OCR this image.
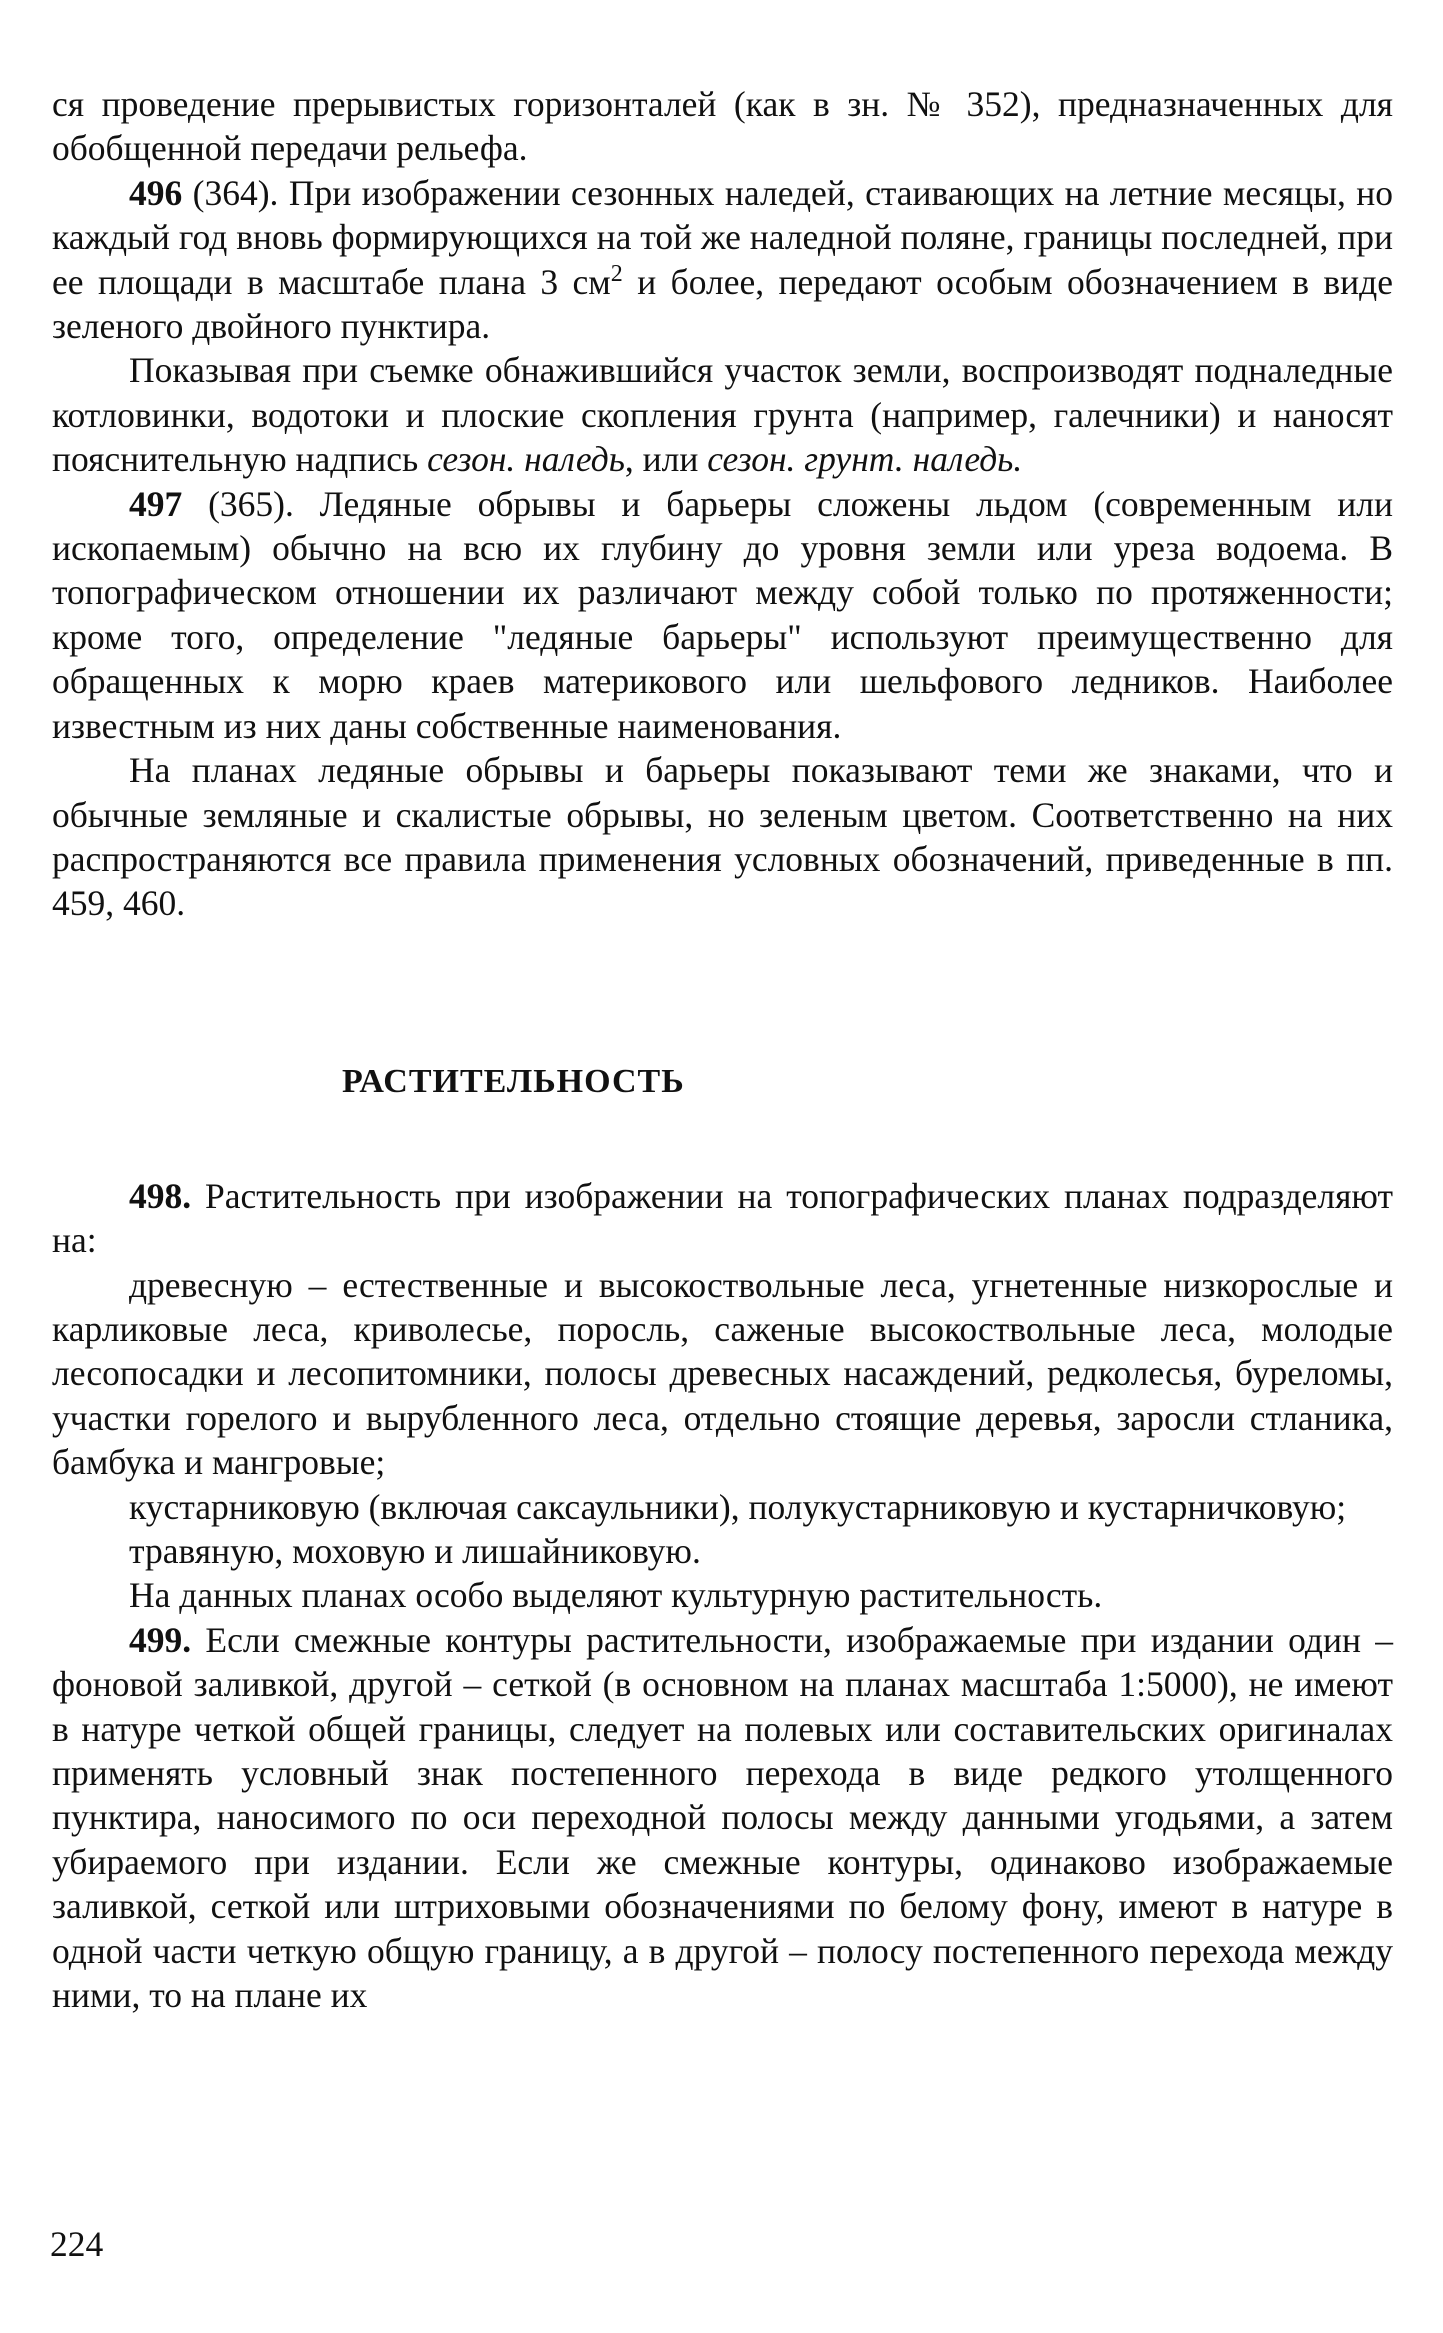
ся проведение прерывистых горизонталей (как в зн. № 352), предназначенных для обобщенной передачи рельефа.

496 (364). При изображении сезонных наледей, стаивающих на летние месяцы, но каждый год вновь формирующихся на той же наледной поляне, границы последней, при ее площади в масштабе плана 3 $см^2$ и более, передают особым обозначением в виде зеленого двойного пунктира.

Показывая при съемке обнажившийся участок земли, воспроизводят подналедные котловинки, водотоки и плоские скопления грунта (например, галечники) и наносят пояснительную надпись сезон. наледь, или сезон. грунт. наледь.

497 (365). Ледяные обрывы и барьеры сложены льдом (современным или ископаемым) обычно на всю их глубину до уровня земли или уреза водоема. В топографическом отношении их различают между собой только по протяженности; кроме того, определение "ледяные барьеры" используют преимущественно для обращенных к морю краев материкового или шельфового ледников. Наиболее известным из них даны собственные наименования.

На планах ледяные обрывы и барьеры показывают теми же знаками, что и обычные земляные и скалистые обрывы, но зеленым цветом. Соответственно на них распространяются все правила применения условных обозначений, приведенные в пп. 459, 460.

РАСТИТЕЛЬНОСТЬ

498. Растительность при изображении на топографических планах подразделяют на:

древесную – естественные и высокоствольные леса, угнетенные низкорослые и карликовые леса, криволесье, поросль, саженые высокоствольные леса, молодые лесопосадки и лесопитомники, полосы древесных насаждений, редколесья, буреломы, участки горелого и вырубленного леса, отдельно стоящие деревья, заросли стланика, бамбука и мангровые;

кустарниковую (включая саксаульники), полукустарниковую и кустарничковую;

травяную, моховую и лишайниковую.

На данных планах особо выделяют культурную растительность.

499. Если смежные контуры растительности, изображаемые при издании один – фоновой заливкой, другой – сеткой (в основном на планах масштаба 1:5000), не имеют в натуре четкой общей границы, следует на полевых или составительских оригиналах применять условный знак постепенного перехода в виде редкого утолщенного пунктира, наносимого по оси переходной полосы между данными угодьями, а затем убираемого при издании. Если же смежные контуры, одинаково изображаемые заливкой, сеткой или штриховыми обозначениями по белому фону, имеют в натуре в одной части четкую общую границу, а в другой – полосу постепенного перехода между ними, то на плане их

224
